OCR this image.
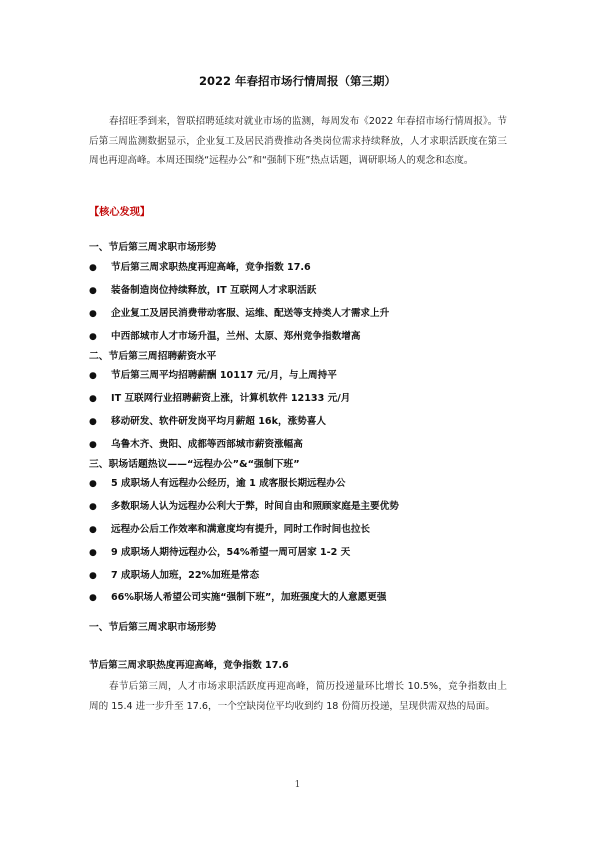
2022 年春招市场行情周报（第三期）
春招旺季到来，智联招聘延续对就业市场的监测，每周发布《2022 年春招市场行情周报》。节后第三周监测数据显示，企业复工及居民消费推动各类岗位需求持续释放，人才求职活跃度在第三周也再迎高峰。本周还围绕“远程办公”和“强制下班”热点话题，调研职场人的观念和态度。
【核心发现】
一、节后第三周求职市场形势
● 节后第三周求职热度再迎高峰，竞争指数 17.6
● 装备制造岗位持续释放，IT 互联网人才求职活跃
● 企业复工及居民消费带动客服、运维、配送等支持类人才需求上升
● 中西部城市人才市场升温，兰州、太原、郑州竞争指数增高
二、节后第三周招聘薪资水平
● 节后第三周平均招聘薪酬 10117 元/月，与上周持平
● IT 互联网行业招聘薪资上涨，计算机软件 12133 元/月
● 移动研发、软件研发岗平均月薪超 16k，涨势喜人
● 乌鲁木齐、贵阳、成都等西部城市薪资涨幅高
三、职场话题热议——“远程办公”&“强制下班”
● 5 成职场人有远程办公经历，逾 1 成客服长期远程办公
● 多数职场人认为远程办公利大于弊，时间自由和照顾家庭是主要优势
● 远程办公后工作效率和满意度均有提升，同时工作时间也拉长
● 9 成职场人期待远程办公，54%希望一周可居家 1-2 天
● 7 成职场人加班，22%加班是常态
● 66%职场人希望公司实施“强制下班”，加班强度大的人意愿更强
一、节后第三周求职市场形势
节后第三周求职热度再迎高峰，竞争指数 17.6
春节后第三周，人才市场求职活跃度再迎高峰，简历投递量环比增长 10.5%，竞争指数由上周的 15.4 进一步升至 17.6，一个空缺岗位平均收到约 18 份简历投递，呈现供需双热的局面。
1
